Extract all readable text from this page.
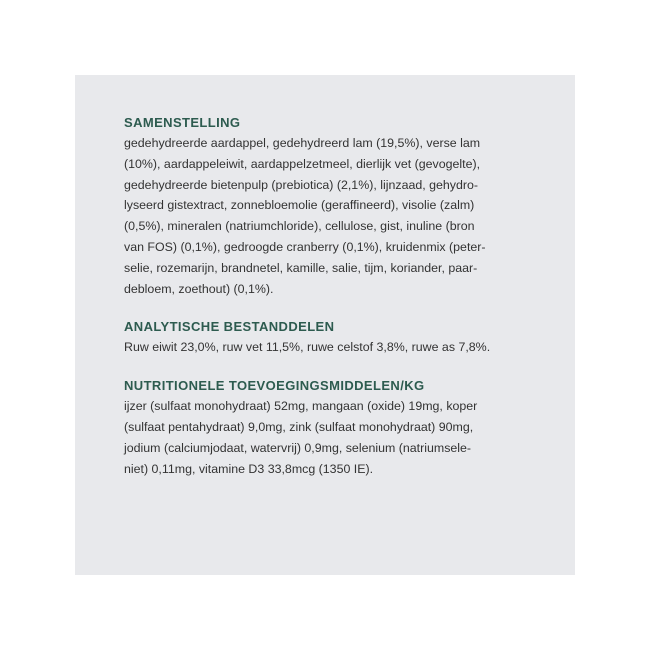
SAMENSTELLING
gedehydreerde aardappel, gedehydreerd lam (19,5%), verse lam
(10%), aardappeleiwit, aardappelzetmeel, dierlijk vet (gevogelte),
gedehydreerde bietenpulp (prebiotica) (2,1%), lijnzaad, gehydro-
lyseerd gistextract, zonnebloemolie (geraffineerd), visolie (zalm)
(0,5%), mineralen (natriumchloride), cellulose, gist, inuline (bron
van FOS) (0,1%), gedroogde cranberry (0,1%), kruidenmix (peter-
selie, rozemarijn, brandnetel, kamille, salie, tijm, koriander, paar-
debloem, zoethout) (0,1%).
ANALYTISCHE BESTANDDELEN
Ruw eiwit 23,0%, ruw vet 11,5%, ruwe celstof 3,8%, ruwe as 7,8%.
NUTRITIONELE TOEVOEGINGSMIDDELEN/KG
ijzer (sulfaat monohydraat) 52mg, mangaan (oxide) 19mg, koper
(sulfaat pentahydraat) 9,0mg, zink (sulfaat monohydraat) 90mg,
jodium (calciumjodaat, watervrij) 0,9mg, selenium (natriumsele-
niet) 0,11mg, vitamine D3 33,8mcg (1350 IE).
